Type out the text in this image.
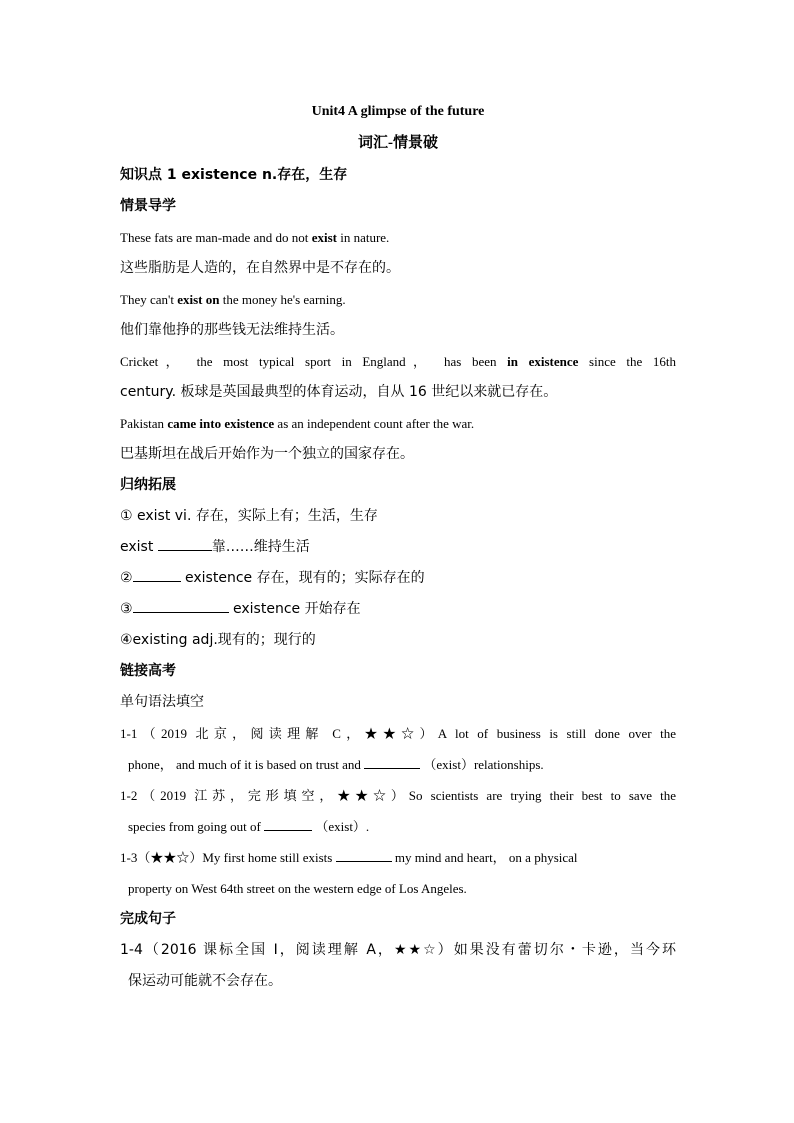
Unit4 A glimpse of the future
词汇-情景破
知识点 1 existence n.存在，生存
情景导学
These fats are man-made and do not exist in nature.
这些脂肪是人造的，在自然界中是不存在的。
They can't exist on the money he's earning.
他们靠他挣的那些钱无法维持生活。
Cricket， the most typical sport in England， has been in existence since the 16th
century. 板球是英国最典型的体育运动，自从 16 世纪以来就已存在。
Pakistan came into existence as an independent count after the war.
巴基斯坦在战后开始作为一个独立的国家存在。
归纳拓展
① exist vi. 存在，实际上有；生活，生存
exist	靠……维持生活
②	existence 存在，现有的；实际存在的
③	existence 开始存在
④existing adj.现有的；现行的
链接高考
单句语法填空
1-1（2019 北京，阅读理解 C，★★☆）A lot of business is still done over the
phone， and much of it is based on trust and	（exist）relationships.
1-2（2019 江苏，完形填空，★★☆）So scientists are trying their best to save the
species from going out of	（exist）.
1-3（★★☆）My first home still exists	my mind and heart， on a physical
property on West 64th street on the western edge of Los Angeles.
完成句子
1-4（2016 课标全国 I，阅读理解 A，★★☆）如果没有蕾切尔・卡逊，当今环
保运动可能就不会存在。
